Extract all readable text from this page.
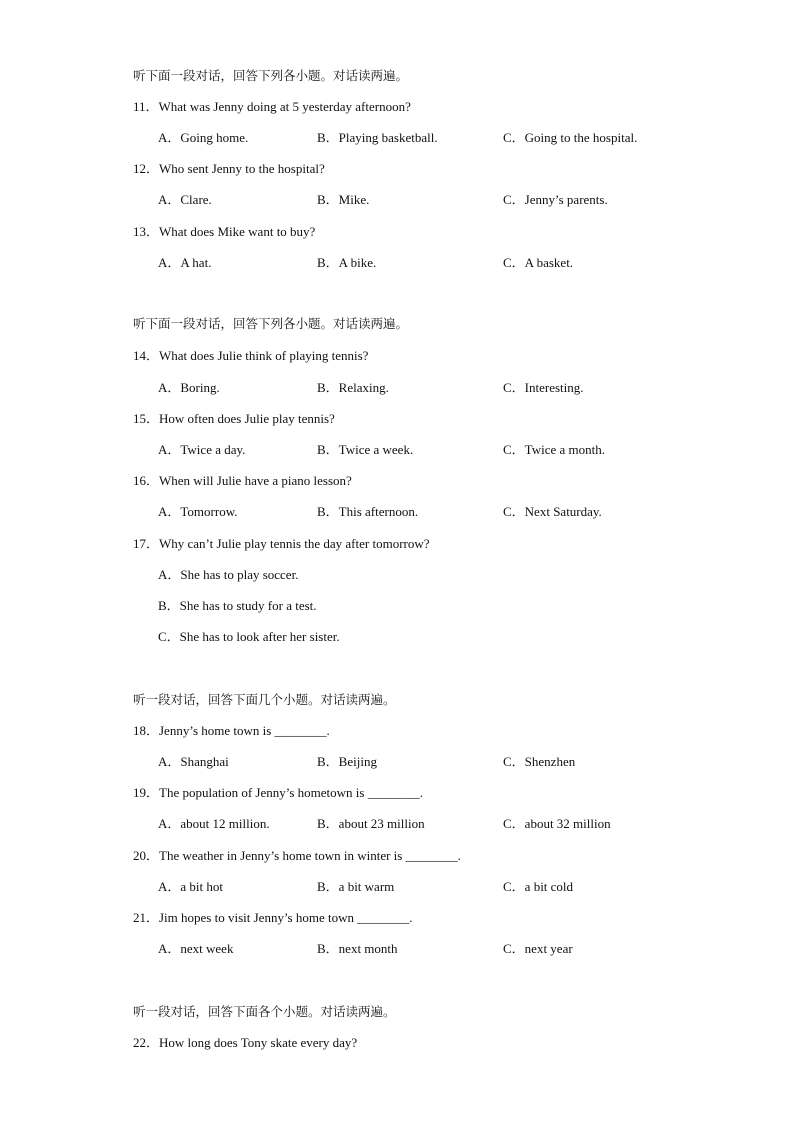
听下面一段对话，回答下列各小题。对话读两遍。
11．What was Jenny doing at 5 yesterday afternoon?
A．Going home.	B．Playing basketball.	C．Going to the hospital.
12．Who sent Jenny to the hospital?
A．Clare.	B．Mike.	C．Jenny’s parents.
13．What does Mike want to buy?
A．A hat.	B．A bike.	C．A basket.
听下面一段对话，回答下列各小题。对话读两遍。
14．What does Julie think of playing tennis?
A．Boring.	B．Relaxing.	C．Interesting.
15．How often does Julie play tennis?
A．Twice a day.	B．Twice a week.	C．Twice a month.
16．When will Julie have a piano lesson?
A．Tomorrow.	B．This afternoon.	C．Next Saturday.
17．Why can’t Julie play tennis the day after tomorrow?
A．She has to play soccer.
B．She has to study for a test.
C．She has to look after her sister.
听一段对话，回答下面几个小题。对话读两遍。
18．Jenny’s home town is ________.
A．Shanghai	B．Beijing	C．Shenzhen
19．The population of Jenny’s hometown is ________.
A．about 12 million.	B．about 23 million	C．about 32 million
20．The weather in Jenny’s home town in winter is ________.
A．a bit hot	B．a bit warm	C．a bit cold
21．Jim hopes to visit Jenny’s home town ________.
A．next week	B．next month	C．next year
听一段对话，回答下面各个小题。对话读两遍。
22．How long does Tony skate every day?
